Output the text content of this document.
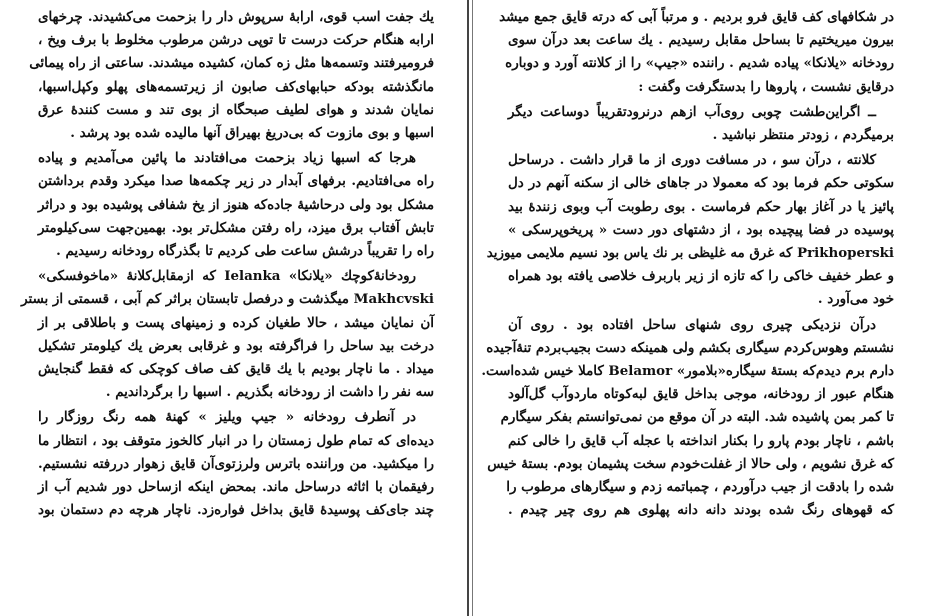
یك جفت اسب قوی، ارابهٔ سرپوش دار را بزحمت می‌کشیدند. چرخهای
ارابه هنگام حرکت درست تا توپی درشن مرطوب مخلوط با برف ویخ ،
فرومیرفتند وتسمه‌ها مثل زه کمان، کشیده میشدند. ساعتی از راه پیمائی
مانگذشته بودکه حبابهای‌کف صابون از زیرتسمه‌های پهلو وکپل‌اسبها،
نمایان شدند و هوای لطیف صبحگاه از بوی تند و مست کنندهٔ عرق
اسبها و بوی مازوت که بی‌دریغ بهیراق آنها مالیده شده بود پرشد .
هرجا که اسبها زیاد بزحمت می‌افتادند ما پائین می‌آمدیم و پیاده
راه می‌افتادیم. برفهای آبدار در زیر چکمه‌ها صدا میکرد وقدم برداشتن
مشکل بود ولی درحاشیهٔ جاده‌که هنوز از یخ شفافی پوشیده بود و دراثر
تابش آفتاب برق میزد، راه رفتن مشکل‌تر بود. بهمین‌جهت سی‌کیلومتر
راه را تقریباً درشش ساعت طی کردیم تا بگذرگاه رودخانه رسیدیم .
رودخانهٔ‌کوچك «یلانکا» Ielanka که ازمقابل‌کلانهٔ «ماخوفسکی»
Makhcvski میگذشت و درفصل تابستان براثر کم آبی ، قسمتی از بستر
آن نمایان میشد ، حالا طغیان کرده و زمینهای پست و باطلاقی بر از
درخت بید ساحل را فراگرفته بود و غرقابی بعرض یك کیلومتر تشکیل
میداد . ما ناچار بودیم با یك قایق کف صاف کوچکی که فقط گنجایش
سه نفر را داشت از رودخانه بگذریم . اسبها را برگرداندیم .
در آنطرف رودخانه « جیپ ویلیز » کهنهٔ همه رنگ روزگار را
دیده‌ای که تمام طول زمستان را در انبار کالخوز متوقف بود ، انتظار ما
را میکشید. من وراننده باترس ولرزتوی‌آن قایق زهوار دررفته نشستیم.
رفیقمان با اثاثه درساحل ماند. بمحض اینکه ازساحل دور شدیم آب از
چند جای‌کف پوسیدهٔ قایق بداخل فواره‌زد. ناچار هرچه دم دستمان بود
در شکافهای کف قایق فرو بردیم . و مرتباً آبی که درته قایق جمع میشد
بیرون میریختیم تا بساحل مقابل رسیدیم . یك ساعت بعد درآن سوی
رودخانه «یلانکا» پیاده شدیم . راننده «جیپ» را از کلانته آورد و دوباره
درقایق نشست ، پاروها را بدستگرفت وگفت :
ــ اگراین‌طشت چوبی روی‌آب ازهم درنرودتقریباً دوساعت دیگر
برمیگردم ، زودتر منتظر نباشید .
کلانته ، درآن سو ، در مسافت دوری از ما قرار داشت . درساحل
سکوتی حکم فرما بود که معمولا در جاهای خالی از سکنه آنهم در دل
پائیز یا در آغاز بهار حکم فرماست . بوی رطوبت آب وبوی زنندهٔ بید
پوسیده در فضا پیچیده بود ، از دشتهای دور دست « پریخوپرسکی »
Prikhoperski که غرق مه غلیظی بر نك یاس بود نسیم ملایمی میوزید
و عطر خفیف خاکی را که تازه از زیر باربرف خلاصی یافته بود همراه
خود می‌آورد .
درآن نزدیکی چیری روی شنهای ساحل افتاده بود . روی آن
نشستم وهوس‌کردم سیگاری بکشم ولی همینکه دست بجیب‌بردم تنهٔ‌آجیده
دارم برم دیدم‌که بستهٔ سیگاره«بلامور» Belamor کاملا خیس شده‌است.
هنگام عبور از رودخانه، موجی بداخل قایق لبه‌کوتاه ماردوآب گل‌آلود
تا کمر بمن پاشیده شد. البته در آن موقع من نمی‌توانستم بفکر سیگارم
باشم ، ناچار بودم پارو را بکنار انداخته با عجله آب قایق را خالی کنم
که غرق نشویم ، ولی حالا از غفلت‌خودم سخت پشیمان بودم. بستهٔ خیس
شده را بادقت از جیب درآوردم ، چمباتمه زدم و سیگارهای مرطوب را
که قهوهای رنگ شده بودند دانه دانه پهلوی هم روی چیر چیدم .
